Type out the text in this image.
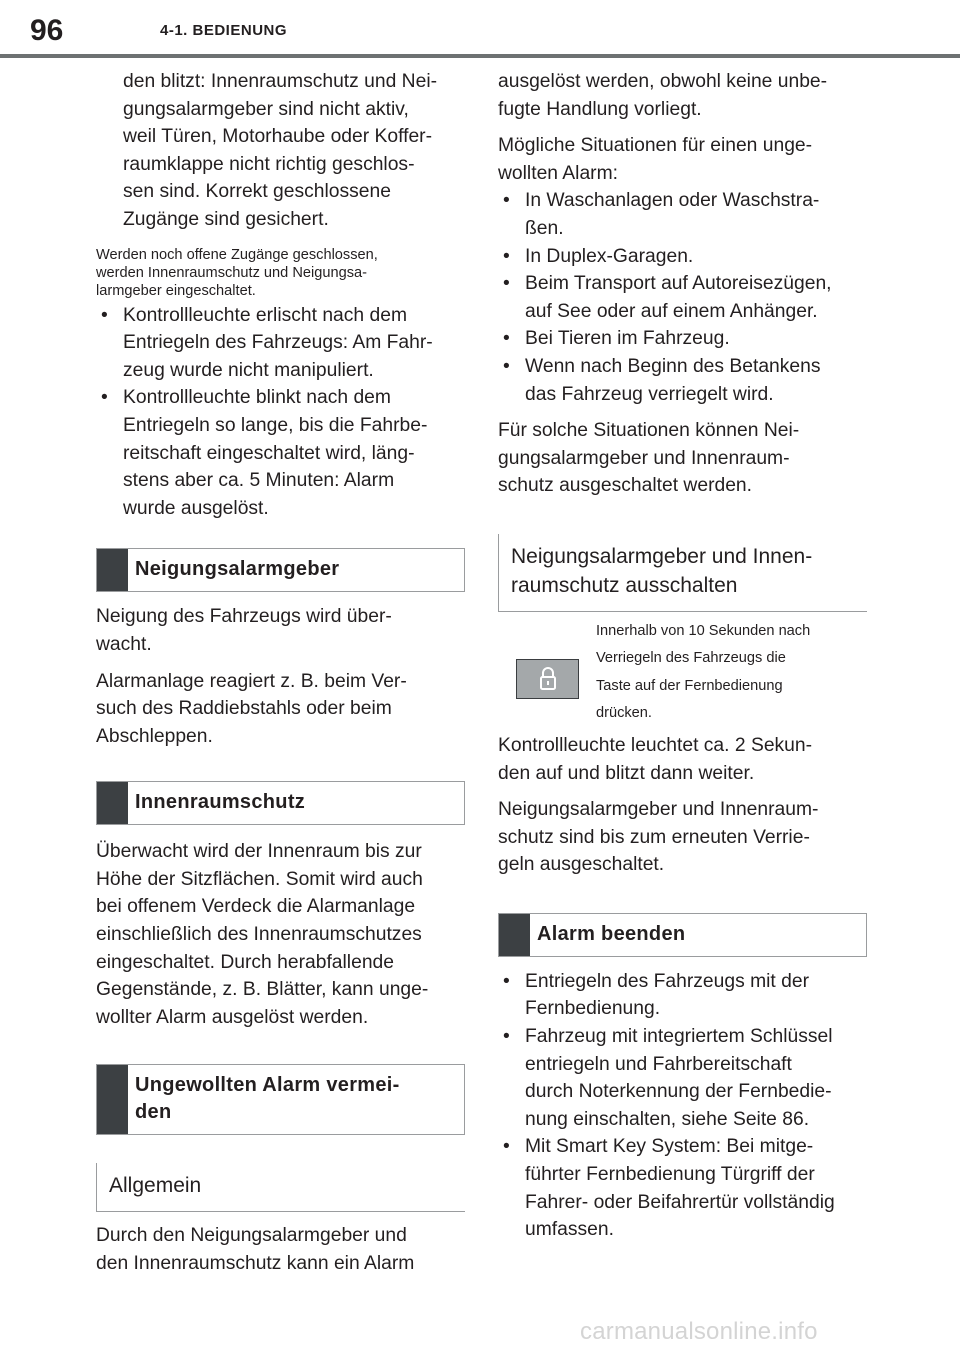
96	4-1. BEDIENUNG

den blitzt: Innenraumschutz und Nei-

gungsalarmgeber sind nicht aktiv,

weil Türen, Motorhaube oder Koffer-

raumklappe nicht richtig geschlos-

sen sind. Korrekt geschlossene

Zugänge sind gesichert.

Werden noch offene Zugänge geschlossen,

werden Innenraumschutz und Neigungsa-

larmgeber eingeschaltet.

• Kontrollleuchte erlischt nach dem
Entriegeln des Fahrzeugs: Am Fahr-
zeug wurde nicht manipuliert.
• Kontrollleuchte blinkt nach dem
Entriegeln so lange, bis die Fahrbe-
reitschaft eingeschaltet wird, läng-
stens aber ca. 5 Minuten: Alarm
wurde ausgelöst.
Neigungsalarmgeber

Neigung des Fahrzeugs wird über-

wacht.

Alarmanlage reagiert z. B. beim Ver-

such des Raddiebstahls oder beim

Abschleppen.

Innenraumschutz

Überwacht wird der Innenraum bis zur

Höhe der Sitzflächen. Somit wird auch

bei offenem Verdeck die Alarmanlage

einschließlich des Innenraumschutzes

eingeschaltet. Durch herabfallende

Gegenstände, z. B. Blätter, kann unge-

wollter Alarm ausgelöst werden.

Ungewollten Alarm vermei-
den
Allgemein

Durch den Neigungsalarmgeber und

den Innenraumschutz kann ein Alarm

ausgelöst werden, obwohl keine unbe-

fugte Handlung vorliegt.

Mögliche Situationen für einen unge-

wollten Alarm:

• In Waschanlagen oder Waschstra-
ßen.
• In Duplex-Garagen.
• Beim Transport auf Autoreisezügen,
auf See oder auf einem Anhänger.
• Bei Tieren im Fahrzeug.
• Wenn nach Beginn des Betankens
das Fahrzeug verriegelt wird.

Für solche Situationen können Nei-

gungsalarmgeber und Innenraum-

schutz ausgeschaltet werden.

Neigungsalarmgeber und Innen-
raumschutz ausschalten
Innerhalb von 10 Sekunden nach
Verriegeln des Fahrzeugs die
Taste auf der Fernbedienung
drücken.

Kontrollleuchte leuchtet ca. 2 Sekun-

den auf und blitzt dann weiter.

Neigungsalarmgeber und Innenraum-

schutz sind bis zum erneuten Verrie-

geln ausgeschaltet.

Alarm beenden
• Entriegeln des Fahrzeugs mit der
Fernbedienung.
• Fahrzeug mit integriertem Schlüssel
entriegeln und Fahrbereitschaft
durch Noterkennung der Fernbedie-
nung einschalten, siehe Seite 86.
• Mit Smart Key System: Bei mitge-
führter Fernbedienung Türgriff der
Fahrer- oder Beifahrertür vollständig
umfassen.
carmanualsonline.info
